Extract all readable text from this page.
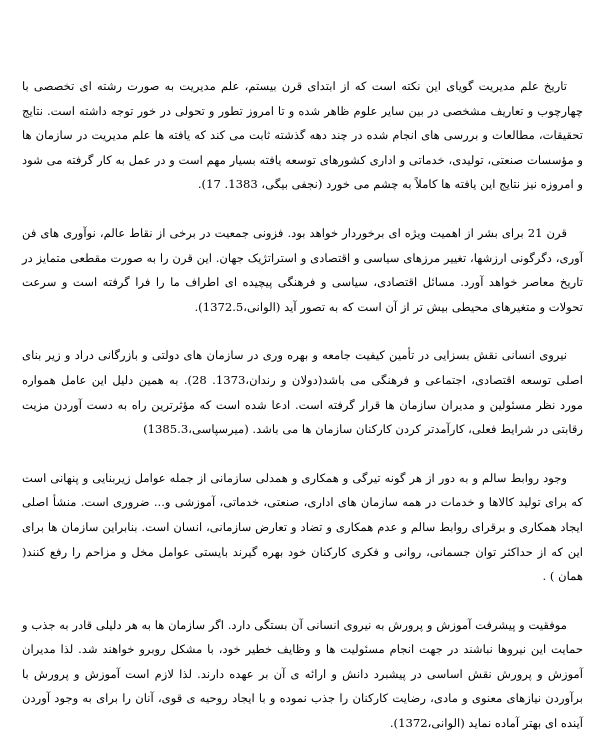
تاریخ علم مدیریت گویای این نکته است که از ابتدای قرن بیستم، علم مدیریت به صورت رشته ای تخصصی با چهارچوب و تعاریف مشخصی در بین سایر علوم ظاهر شده و تا امروز تطور و تحولی در خور توجه داشته است. نتایج تحقیقات، مطالعات و بررسی های انجام شده در چند دهه گذشته ثابت می کند که یافته ها علم مدیریت در سازمان ها و مؤسسات صنعتی، تولیدی، خدماتی و اداری کشورهای توسعه یافته بسیار مهم است و در عمل به کار گرفته می شود و امروزه نیز نتایج این یافته ها کاملاً به چشم می خورد (نجفی بیگی، 1383. 17).

قرن 21 برای بشر از اهمیت ویژه ای برخوردار خواهد بود. فزونی جمعیت در برخی از نقاط عالم، نوآوری های فن آوری، دگرگونی ارزشها، تغییر مرزهای سیاسی و اقتصادی و استراتژیک جهان. این قرن را به صورت مقطعی متمایز در تاریخ معاصر خواهد آورد. مسائل اقتصادی، سیاسی و فرهنگی پیچیده ای اطراف ما را فرا گرفته است و سرعت تحولات و متغیرهای محیطی بیش تر از آن است که به تصور آید (الوانی،1372.5).

نیروی انسانی نقش بسزایی در تأمین کیفیت جامعه و بهره وری در سازمان های دولتی و بازرگانی دراد و زیر بنای اصلی توسعه اقتصادی، اجتماعی و فرهنگی می باشد(دولان و رندان،1373. 28). به همین دلیل این عامل همواره مورد نظر مسئولین و مدیران سازمان ها قرار گرفته است. ادعا شده است که مؤثرترین راه به دست آوردن مزیت رقابتی در شرایط فعلی، کارآمدتر کردن کارکنان سازمان ها می باشد. (میرسپاسی،1385.3)

وجود روابط سالم و به دور از هر گونه تیرگی و همکاری و همدلی سازمانی از جمله عوامل زیربنایی و پنهانی است که برای تولید کالاها و خدمات در همه سازمان های اداری، صنعتی، خدماتی، آموزشی و... ضروری است. منشأ اصلی ایجاد همکاری و برقرای روابط سالم و عدم همکاری و تضاد و تعارض سازمانی، انسان است. بنابراین سازمان ها برای این که از حداکثر توان جسمانی، روانی و فکری کارکنان خود بهره گیرند بایستی عوامل مخل و مزاحم را رفع کنند( همان ) .

موفقیت و پیشرفت آموزش و پرورش به نیروی انسانی آن بستگی دارد. اگر سازمان ها به هر دلیلی قادر به جذب و حمایت این نیروها نباشند در جهت انجام مسئولیت ها و وظایف خطیر خود، با مشکل روبرو خواهند شد. لذا مدیران آموزش و پرورش نقش اساسی در پیشبرد دانش و ارائه ی آن بر عهده دارند. لذا لازم است آموزش و پرورش با برآوردن نیازهای معنوی و مادی، رضایت کارکنان را جذب نموده و با ایجاد روحیه ی قوی، آنان را برای به وجود آوردن آینده ای بهتر آماده نماید (الوانی،1372).
